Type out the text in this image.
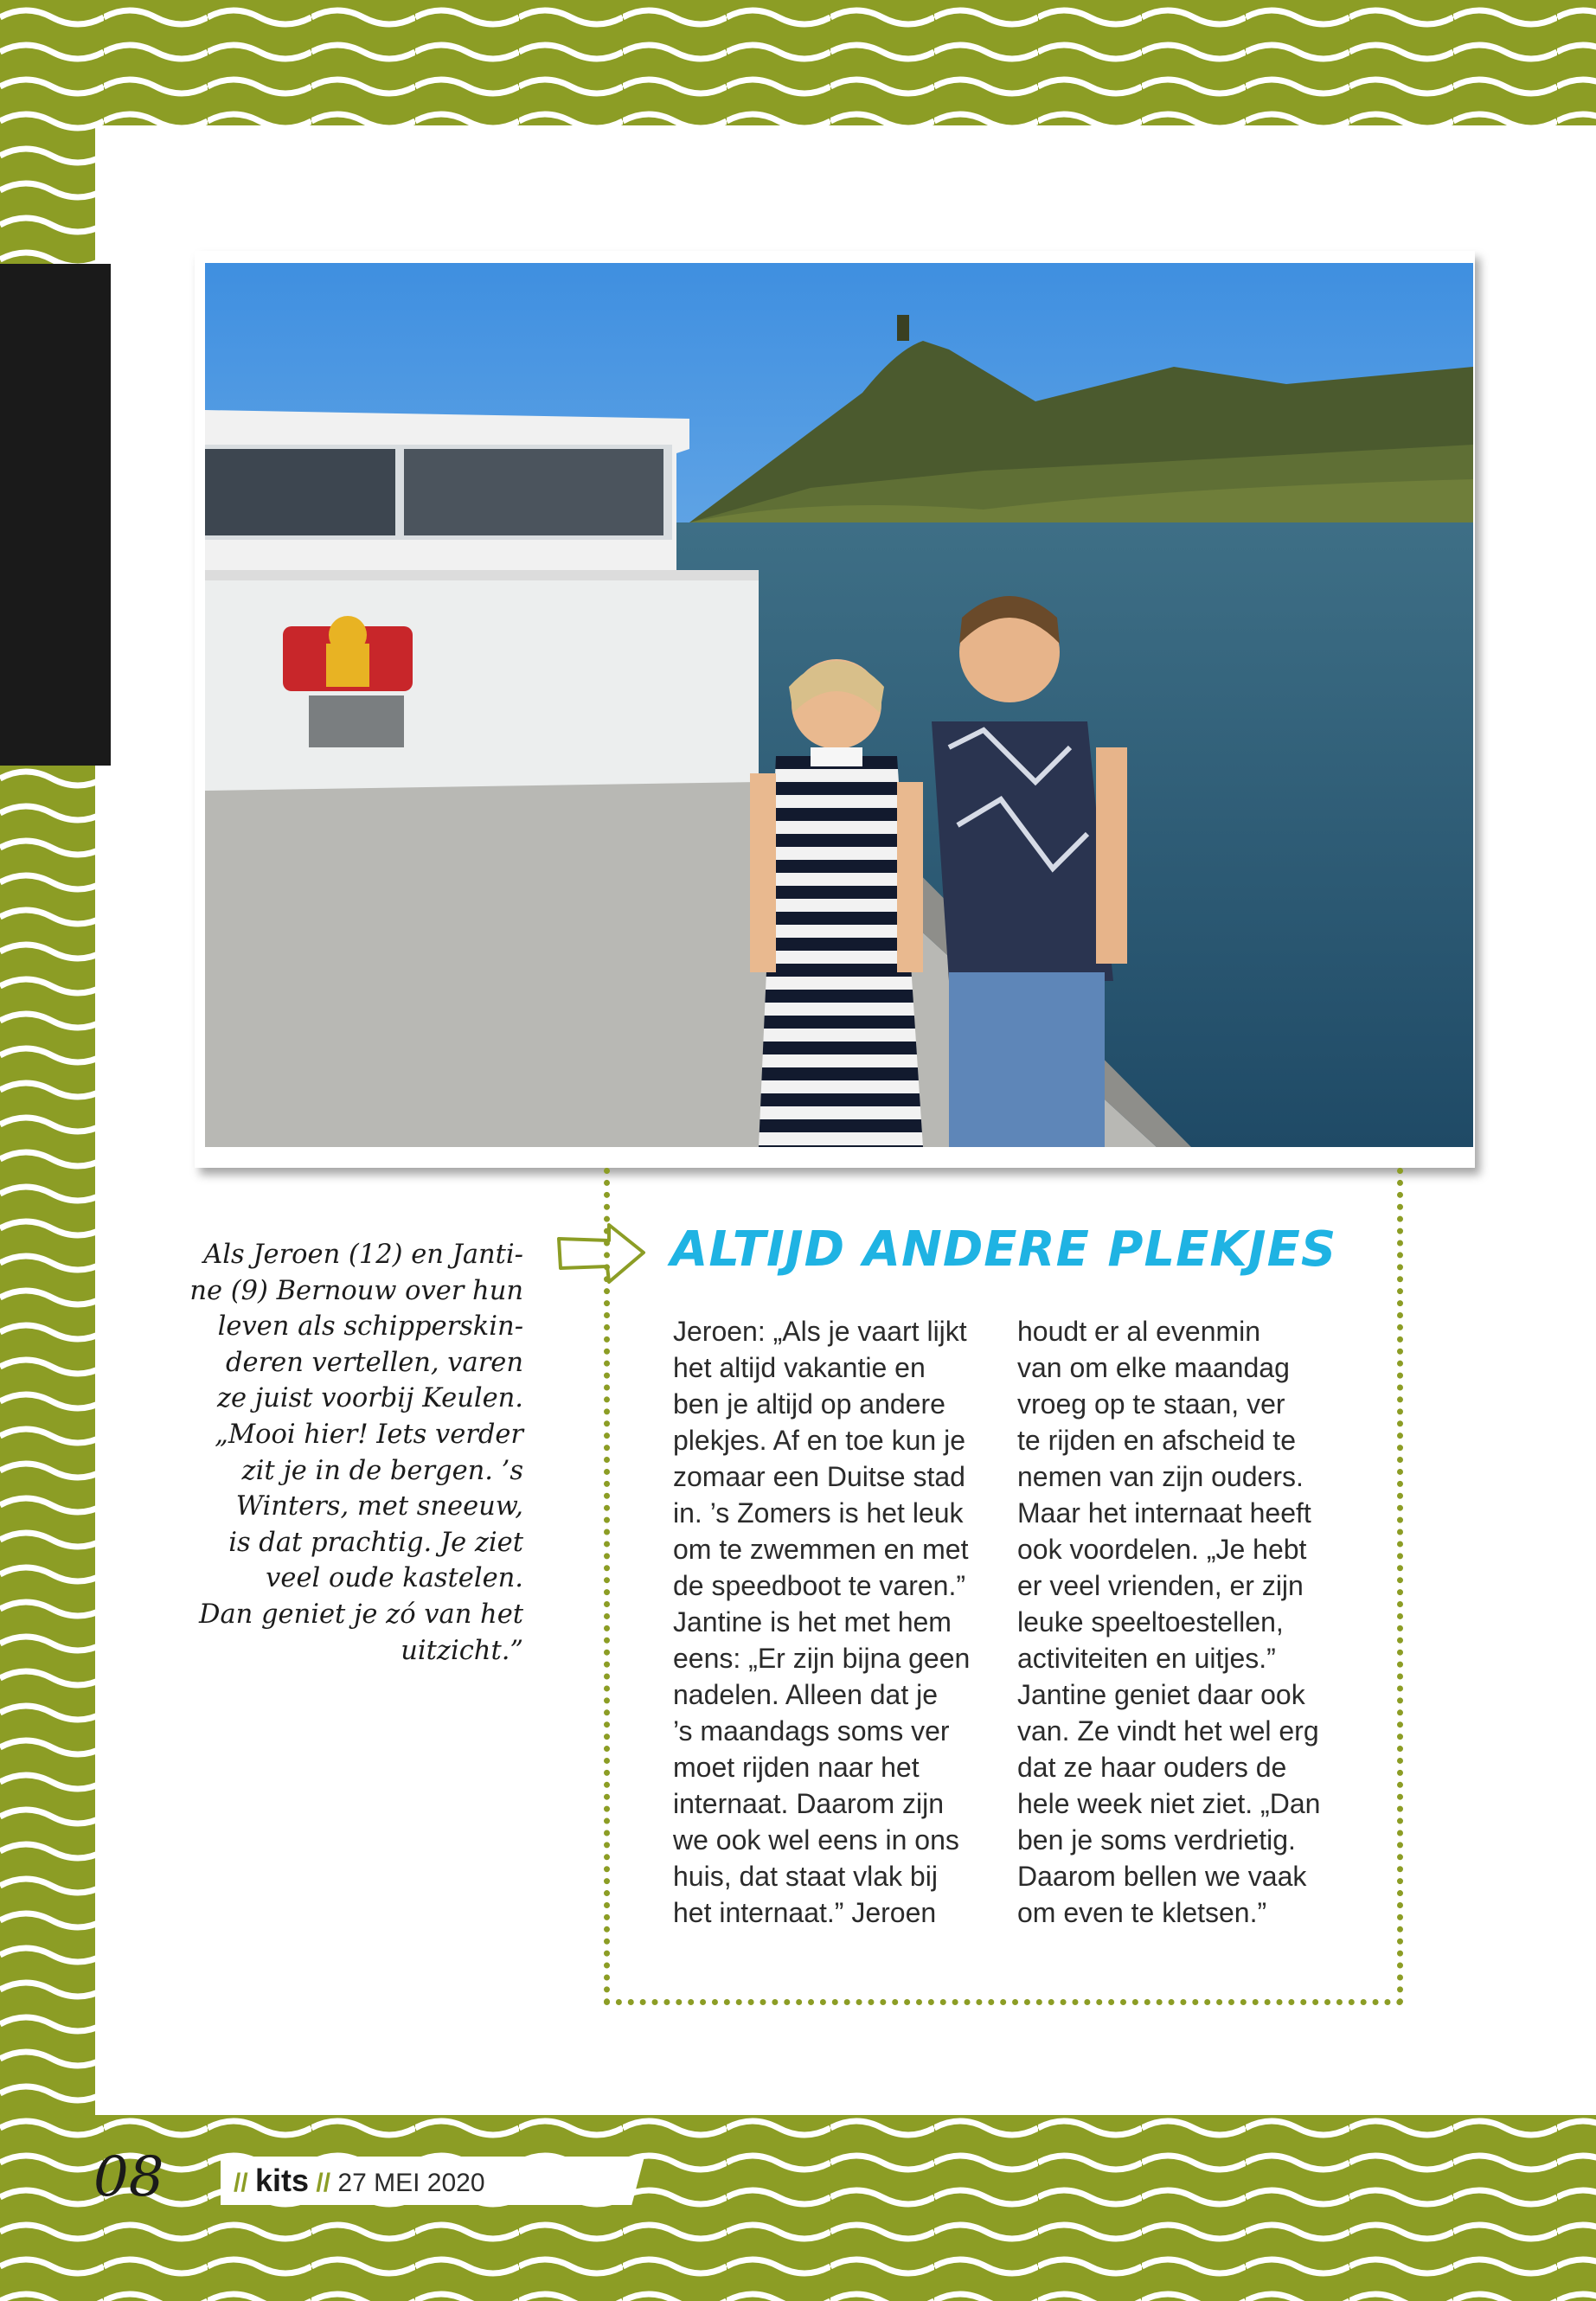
Als Jeroen (12) en Janti-
ne (9) Bernouw over hun
leven als schipperskin-
deren vertellen, varen
ze juist voorbij Keulen.
„Mooi hier! Iets verder
zit je in de bergen. ’s
Winters, met sneeuw,
is dat prachtig. Je ziet
veel oude kastelen.
Dan geniet je zó van het
uitzicht.”
ALTIJD ANDERE PLEKJES
Jeroen: „Als je vaart lijkt
het altijd vakantie en
ben je altijd op andere
plekjes. Af en toe kun je
zomaar een Duitse stad
in. ’s Zomers is het leuk
om te zwemmen en met
de speedboot te varen.”
Jantine is het met hem
eens: „Er zijn bijna geen
nadelen. Alleen dat je
’s maandags soms ver
moet rijden naar het
internaat. Daarom zijn
we ook wel eens in ons
huis, dat staat vlak bij
het internaat.” Jeroen
houdt er al evenmin
van om elke maandag
vroeg op te staan, ver
te rijden en afscheid te
nemen van zijn ouders.
Maar het internaat heeft
ook voordelen. „Je hebt
er veel vrienden, er zijn
leuke speeltoestellen,
activiteiten en uitjes.”
Jantine geniet daar ook
van. Ze vindt het wel erg
dat ze haar ouders de
hele week niet ziet. „Dan
ben je soms verdrietig.
Daarom bellen we vaak
om even te kletsen.”
08	// kits // 27 MEI 2020
